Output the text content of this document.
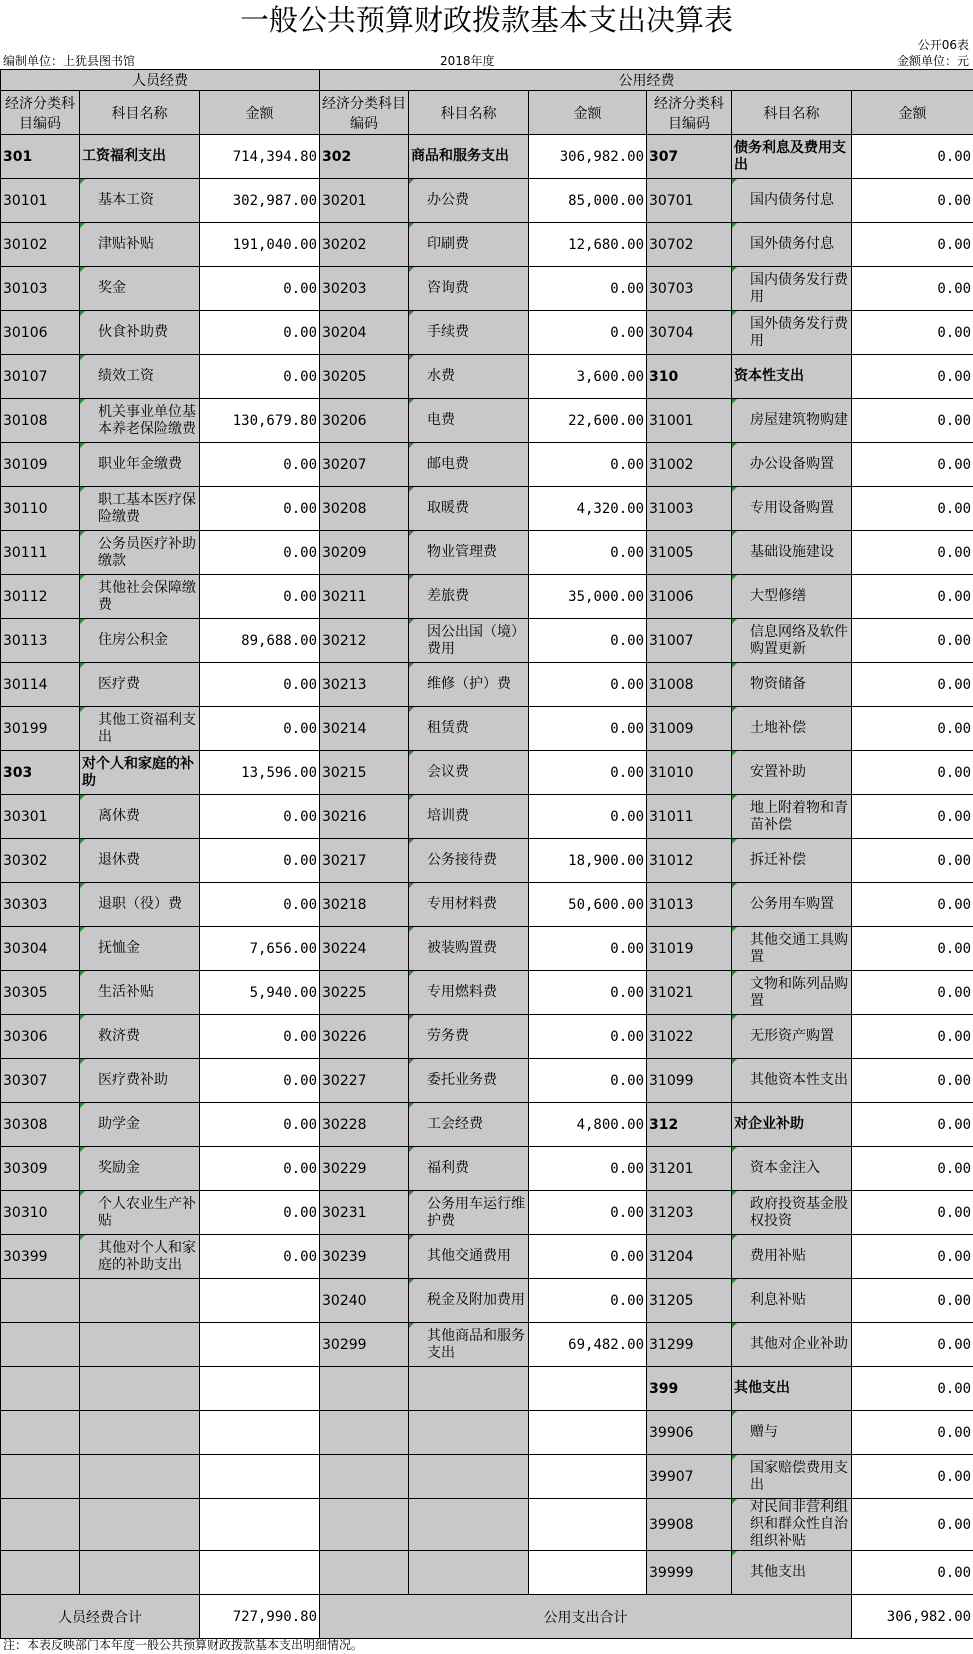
一般公共预算财政拨款基本支出决算表
公开06表
编制单位：上犹县图书馆	2018年度	金额单位：元
人员经费			公用经费					
经济分类科目编码	科目名称	金额	经济分类科目编码	科目名称	金额	经济分类科目编码	科目名称	金额
301	工资福利支出	714,394.80	302	商品和服务支出	306,982.00	307	债务利息及费用支出	0.00
30101	基本工资	302,987.00	30201	办公费	85,000.00	30701	国内债务付息	0.00
30102	津贴补贴	191,040.00	30202	印刷费	12,680.00	30702	国外债务付息	0.00
30103	奖金	0.00	30203	咨询费	0.00	30703	国内债务发行费用	0.00
30106	伙食补助费	0.00	30204	手续费	0.00	30704	国外债务发行费用	0.00
30107	绩效工资	0.00	30205	水费	3,600.00	310	资本性支出	0.00
30108	机关事业单位基本养老保险缴费	130,679.80	30206	电费	22,600.00	31001	房屋建筑物购建	0.00
30109	职业年金缴费	0.00	30207	邮电费	0.00	31002	办公设备购置	0.00
30110	职工基本医疗保险缴费	0.00	30208	取暖费	4,320.00	31003	专用设备购置	0.00
30111	公务员医疗补助缴款	0.00	30209	物业管理费	0.00	31005	基础设施建设	0.00
30112	其他社会保障缴费	0.00	30211	差旅费	35,000.00	31006	大型修缮	0.00
30113	住房公积金	89,688.00	30212	因公出国（境）费用	0.00	31007	信息网络及软件购置更新	0.00
30114	医疗费	0.00	30213	维修（护）费	0.00	31008	物资储备	0.00
30199	其他工资福利支出	0.00	30214	租赁费	0.00	31009	土地补偿	0.00
303	对个人和家庭的补助	13,596.00	30215	会议费	0.00	31010	安置补助	0.00
30301	离休费	0.00	30216	培训费	0.00	31011	地上附着物和青苗补偿	0.00
30302	退休费	0.00	30217	公务接待费	18,900.00	31012	拆迁补偿	0.00
30303	退职（役）费	0.00	30218	专用材料费	50,600.00	31013	公务用车购置	0.00
30304	抚恤金	7,656.00	30224	被装购置费	0.00	31019	其他交通工具购置	0.00
30305	生活补贴	5,940.00	30225	专用燃料费	0.00	31021	文物和陈列品购置	0.00
30306	救济费	0.00	30226	劳务费	0.00	31022	无形资产购置	0.00
30307	医疗费补助	0.00	30227	委托业务费	0.00	31099	其他资本性支出	0.00
30308	助学金	0.00	30228	工会经费	4,800.00	312	对企业补助	0.00
30309	奖励金	0.00	30229	福利费	0.00	31201	资本金注入	0.00
30310	个人农业生产补贴	0.00	30231	公务用车运行维护费	0.00	31203	政府投资基金股权投资	0.00
30399	其他对个人和家庭的补助支出	0.00	30239	其他交通费用	0.00	31204	费用补贴	0.00
			30240	税金及附加费用	0.00	31205	利息补贴	0.00
			30299	其他商品和服务支出	69,482.00	31299	其他对企业补助	0.00
						399	其他支出	0.00
						39906	赠与	0.00
						39907	国家赔偿费用支出	0.00
						39908	对民间非营利组织和群众性自治组织补贴	0.00
						39999	其他支出	0.00
人员经费合计		727,990.80	公用支出合计					306,982.00
注：本表反映部门本年度一般公共预算财政拨款基本支出明细情况。
